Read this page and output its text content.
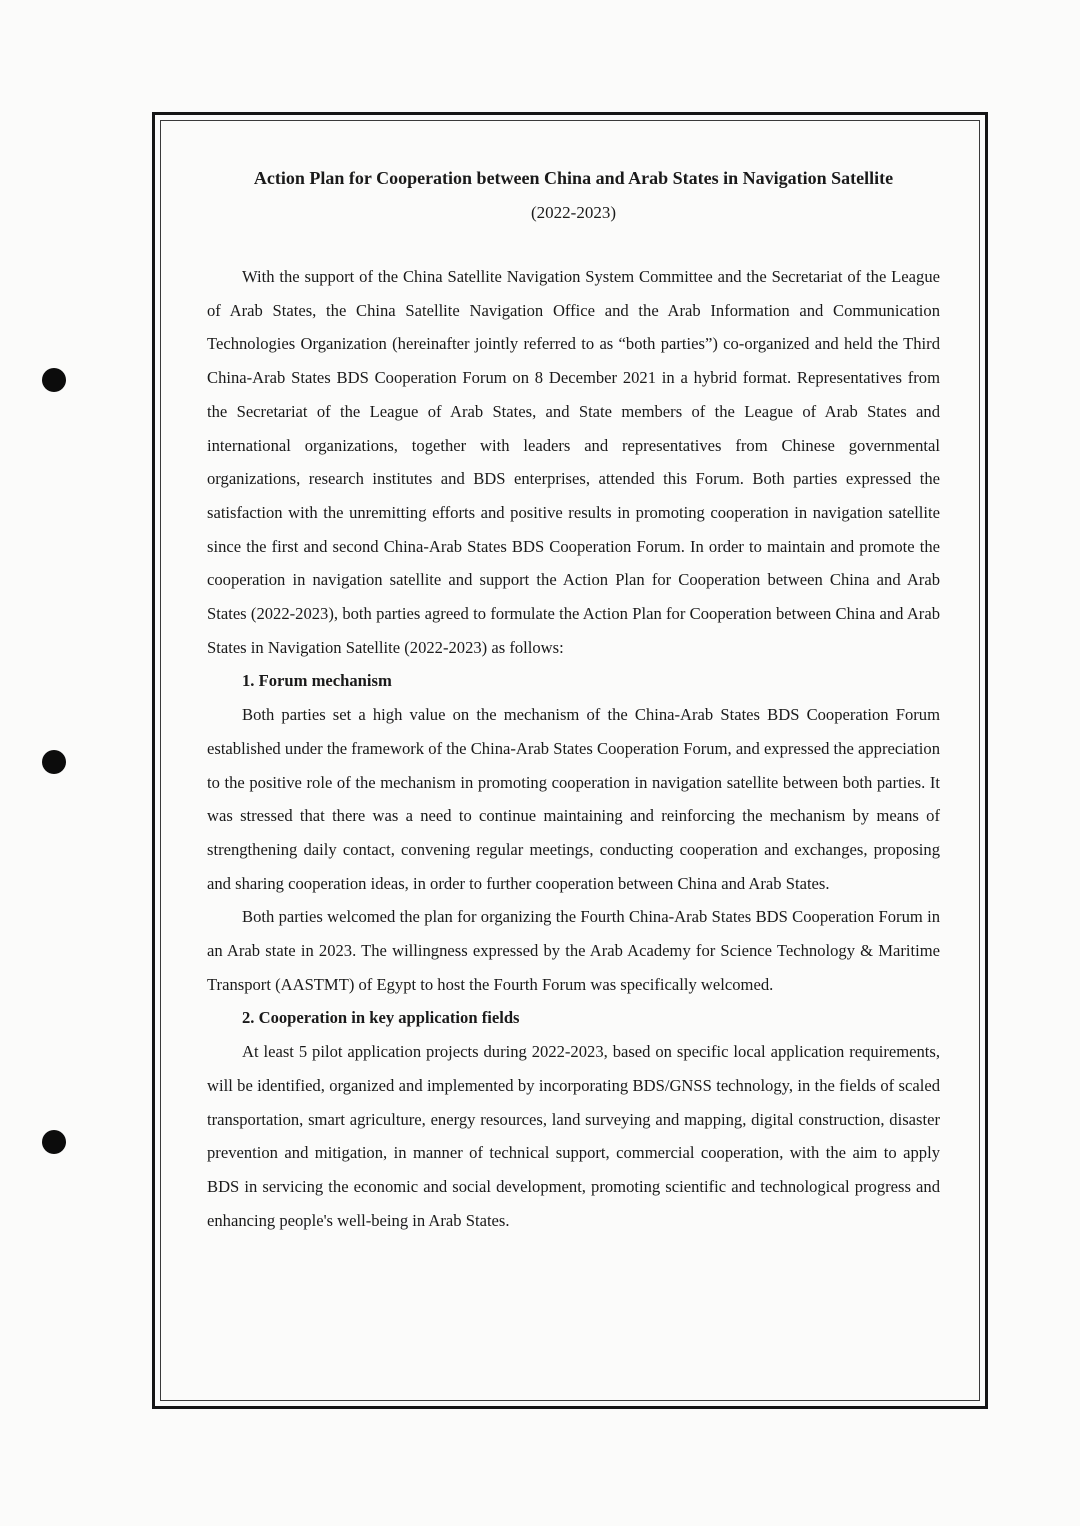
Action Plan for Cooperation between China and Arab States in Navigation Satellite

(2022-2023)

With the support of the China Satellite Navigation System Committee and the Secretariat of the League of Arab States, the China Satellite Navigation Office and the Arab Information and Communication Technologies Organization (hereinafter jointly referred to as “both parties”) co-organized and held the Third China-Arab States BDS Cooperation Forum on 8 December 2021 in a hybrid format. Representatives from the Secretariat of the League of Arab States, and State members of the League of Arab States and international organizations, together with leaders and representatives from Chinese governmental organizations, research institutes and BDS enterprises, attended this Forum. Both parties expressed the satisfaction with the unremitting efforts and positive results in promoting cooperation in navigation satellite since the first and second China-Arab States BDS Cooperation Forum. In order to maintain and promote the cooperation in navigation satellite and support the Action Plan for Cooperation between China and Arab States (2022-2023), both parties agreed to formulate the Action Plan for Cooperation between China and Arab States in Navigation Satellite (2022-2023) as follows:

1. Forum mechanism

Both parties set a high value on the mechanism of the China-Arab States BDS Cooperation Forum established under the framework of the China-Arab States Cooperation Forum, and expressed the appreciation to the positive role of the mechanism in promoting cooperation in navigation satellite between both parties. It was stressed that there was a need to continue maintaining and reinforcing the mechanism by means of strengthening daily contact, convening regular meetings, conducting cooperation and exchanges, proposing and sharing cooperation ideas, in order to further cooperation between China and Arab States.

Both parties welcomed the plan for organizing the Fourth China-Arab States BDS Cooperation Forum in an Arab state in 2023. The willingness expressed by the Arab Academy for Science Technology & Maritime Transport (AASTMT) of Egypt to host the Fourth Forum was specifically welcomed.

2. Cooperation in key application fields

At least 5 pilot application projects during 2022-2023, based on specific local application requirements, will be identified, organized and implemented by incorporating BDS/GNSS technology, in the fields of scaled transportation, smart agriculture, energy resources, land surveying and mapping, digital construction, disaster prevention and mitigation, in manner of technical support, commercial cooperation, with the aim to apply BDS in servicing the economic and social development, promoting scientific and technological progress and enhancing people's well-being in Arab States.
